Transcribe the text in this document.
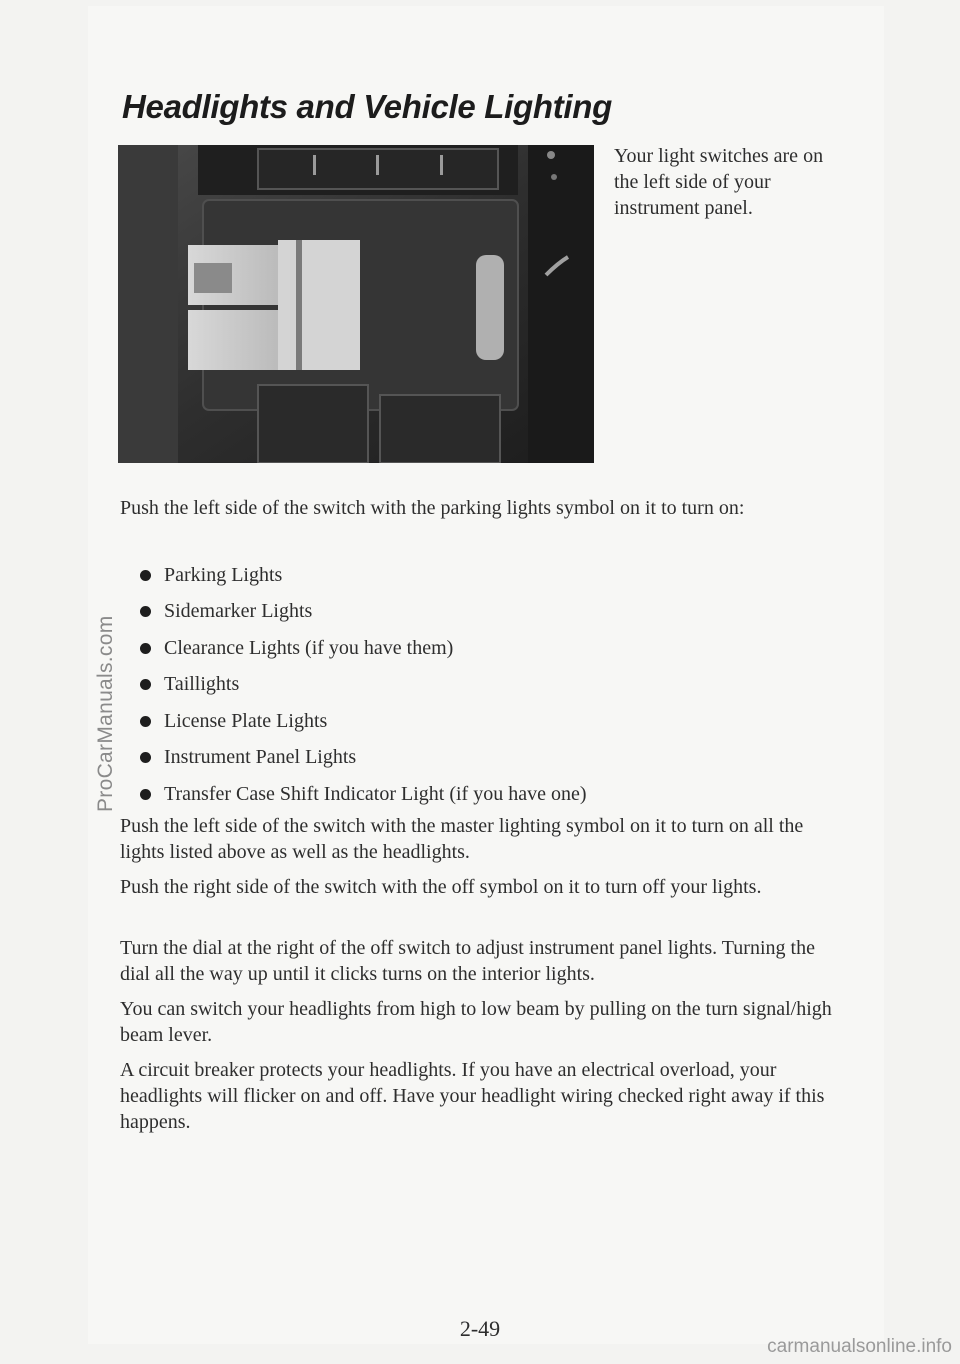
Headlights and Vehicle Lighting
Your light switches are on the left side of your instrument panel.
Push the left side of the switch with the parking lights symbol on it to turn on:
Parking Lights
Sidemarker Lights
Clearance Lights (if you have them)
Taillights
License Plate Lights
Instrument Panel Lights
Transfer Case Shift Indicator Light (if you have one)
Push the left side of the switch with the master lighting symbol on it to turn on all the lights listed above as well as the headlights.
Push the right side of the switch with the off symbol on it to turn off your lights.
Turn the dial at the right of the off switch to adjust instrument panel lights. Turning the dial all the way up until it clicks turns on the interior lights.
You can switch your headlights from high to low beam by pulling on the turn signal/high beam lever.
A circuit breaker protects your headlights. If you have an electrical overload, your headlights will flicker on and off. Have your headlight wiring checked right away if this happens.
ProCarManuals.com
2-49
carmanualsonline.info
